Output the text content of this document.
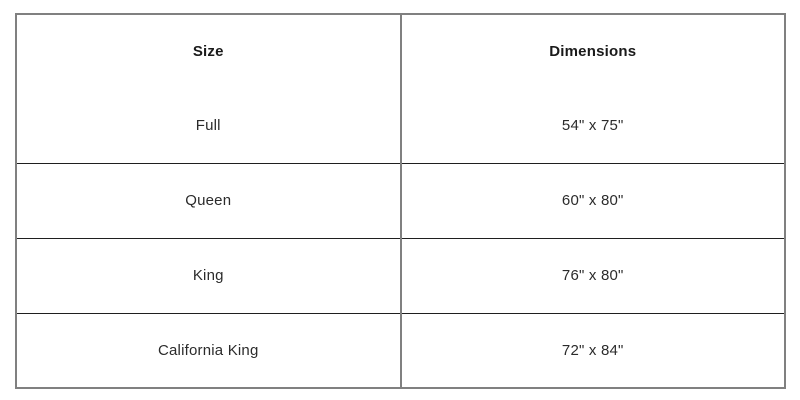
Size	Dimensions
Full	54" x 75"
Queen	60" x 80"
King	76" x 80"
California King	72" x 84"
